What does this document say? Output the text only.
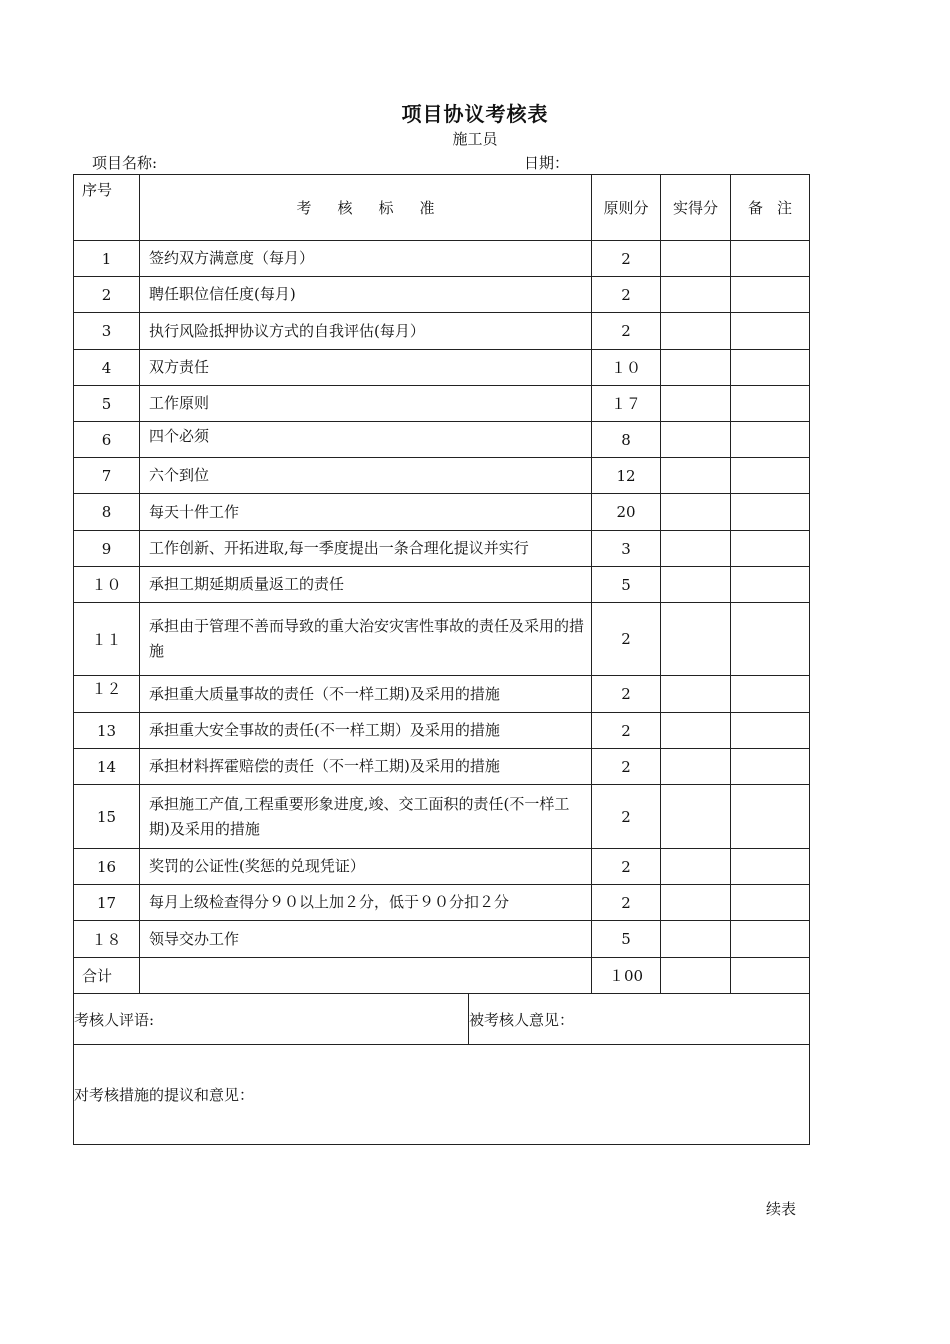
项目协议考核表
施工员
项目名称:	日期：
序号	考 核 标 准	原则分	实得分	备 注
1	签约双方满意度（每月）	2		
2	聘任职位信任度(每月)	2		
3	执行风险抵押协议方式的自我评估(每月）	2		
4	双方责任	１０		
5	工作原则	１７		
6	四个必须	8		
7	六个到位	12		
8	每天十件工作	20		
9	工作创新、开拓进取,每一季度提出一条合理化提议并实行	3		
１０	承担工期延期质量返工的责任	5		
１１	承担由于管理不善而导致的重大治安灾害性事故的责任及采用的措施	2		
１２	承担重大质量事故的责任（不一样工期)及采用的措施	2		
13	承担重大安全事故的责任(不一样工期）及采用的措施	2		
14	承担材料挥霍赔偿的责任（不一样工期)及采用的措施	2		
15	承担施工产值,工程重要形象进度,竣、交工面积的责任(不一样工期)及采用的措施	2		
16	奖罚的公证性(奖惩的兑现凭证）	2		
17	每月上级检查得分９０以上加２分，低于９０分扣２分	2		
１８	领导交办工作	5		
合计		１00		
考核人评语:	被考核人意见：
对考核措施的提议和意见：
续表
